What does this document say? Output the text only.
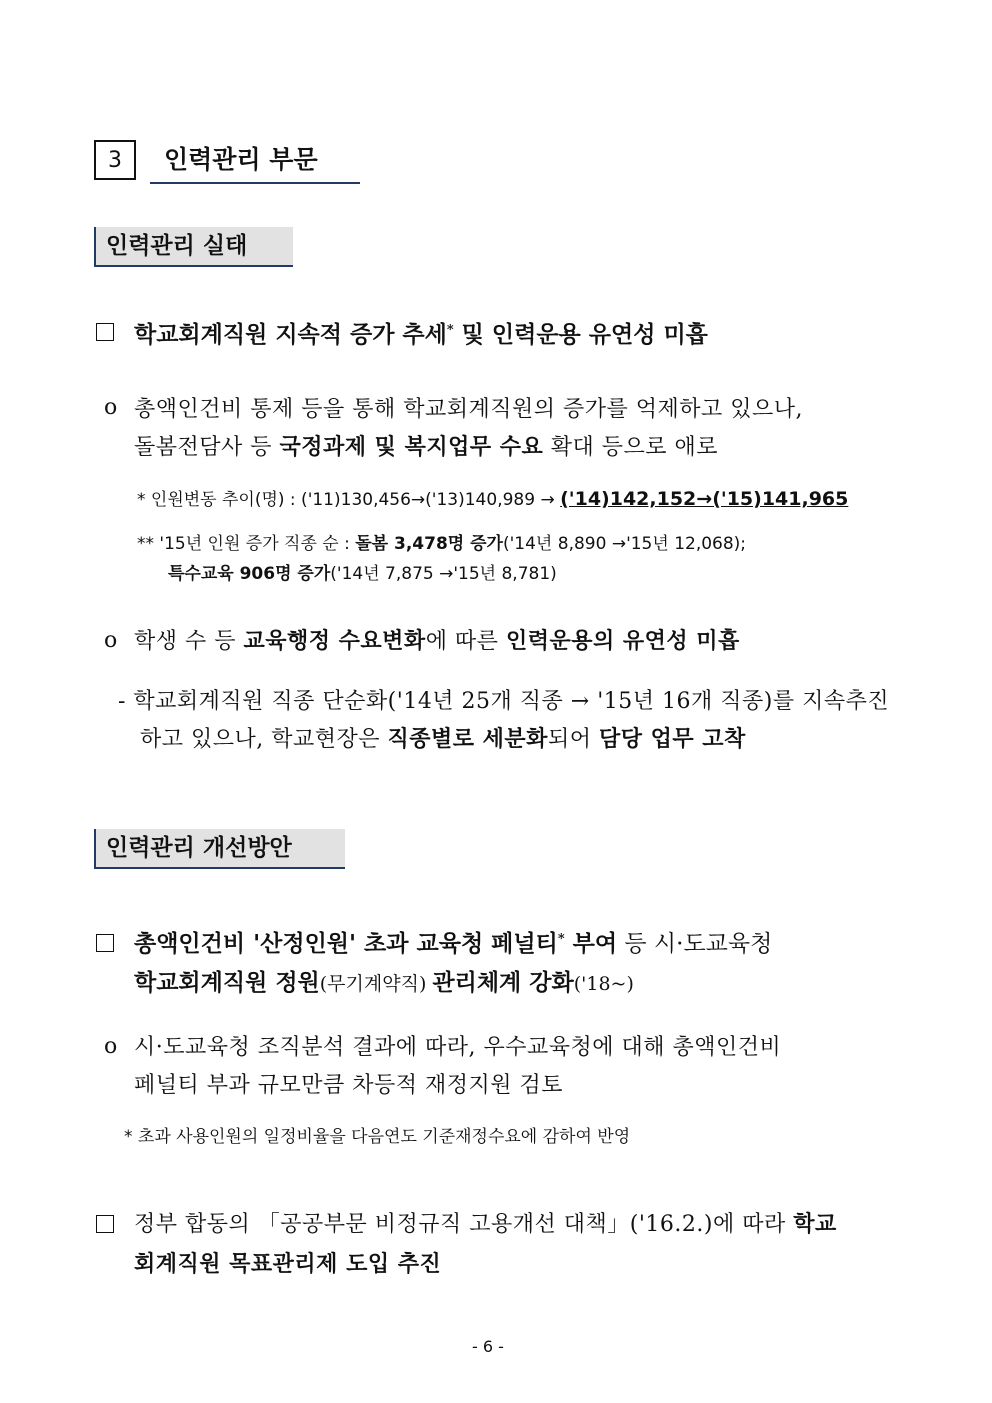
3	인력관리 부문
인력관리 실태
학교회계직원 지속적 증가 추세* 및 인력운용 유연성 미흡
o 총액인건비 통제 등을 통해 학교회계직원의 증가를 억제하고 있으나,
돌봄전담사 등 국정과제 및 복지업무 수요 확대 등으로 애로
* 인원변동 추이(명) : ('11)130,456→('13)140,989 → ('14)142,152→('15)141,965
** '15년 인원 증가 직종 순 : 돌봄 3,478명 증가('14년 8,890 →'15년 12,068);
특수교육 906명 증가('14년 7,875 →'15년 8,781)
o 학생 수 등 교육행정 수요변화에 따른 인력운용의 유연성 미흡
- 학교회계직원 직종 단순화('14년 25개 직종 → '15년 16개 직종)를 지속추진
하고 있으나, 학교현장은 직종별로 세분화되어 담당 업무 고착
인력관리 개선방안
총액인건비 '산정인원' 초과 교육청 페널티* 부여 등 시·도교육청
학교회계직원 정원(무기계약직) 관리체계 강화('18~)
o 시·도교육청 조직분석 결과에 따라, 우수교육청에 대해 총액인건비
페널티 부과 규모만큼 차등적 재정지원 검토
* 초과 사용인원의 일정비율을 다음연도 기준재정수요에 감하여 반영
정부 합동의 「공공부문 비정규직 고용개선 대책」('16.2.)에 따라 학교
회계직원 목표관리제 도입 추진
- 6 -
